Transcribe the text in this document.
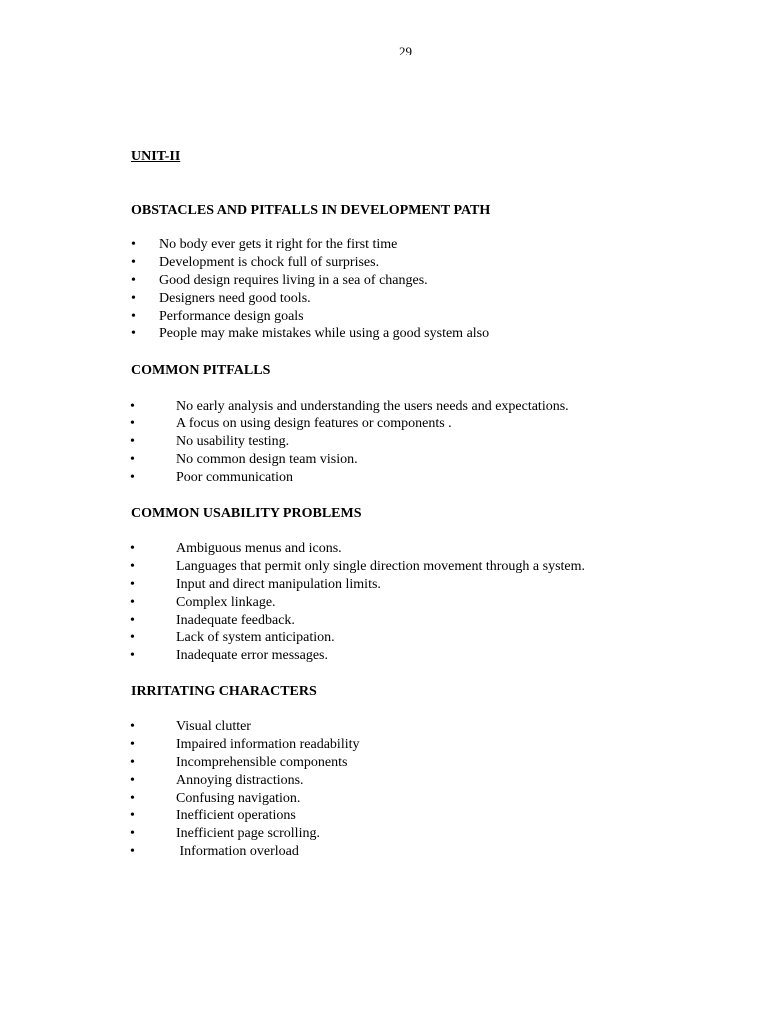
29
UNIT-II
OBSTACLES AND PITFALLS IN DEVELOPMENT PATH
• No body ever gets it right for the first time
• Development is chock full of surprises.
• Good design requires living in a sea of changes.
• Designers need good tools.
• Performance design goals
• People may make mistakes while using a good system also
COMMON PITFALLS
•	No early analysis and understanding the users needs and expectations.
•	A focus on using design features or components .
•	No usability testing.
•	No common design team vision.
•	Poor communication
COMMON USABILITY PROBLEMS
•	Ambiguous menus and icons.
•	Languages that permit only single direction movement through a system.
•	Input and direct manipulation limits.
•	Complex linkage.
•	Inadequate feedback.
•	Lack of system anticipation.
•	Inadequate error messages.
IRRITATING CHARACTERS
•	Visual clutter
•	Impaired information readability
•	Incomprehensible components
•	Annoying distractions.
•	Confusing navigation.
•	Inefficient operations
•	Inefficient page scrolling.
•	Information overload
